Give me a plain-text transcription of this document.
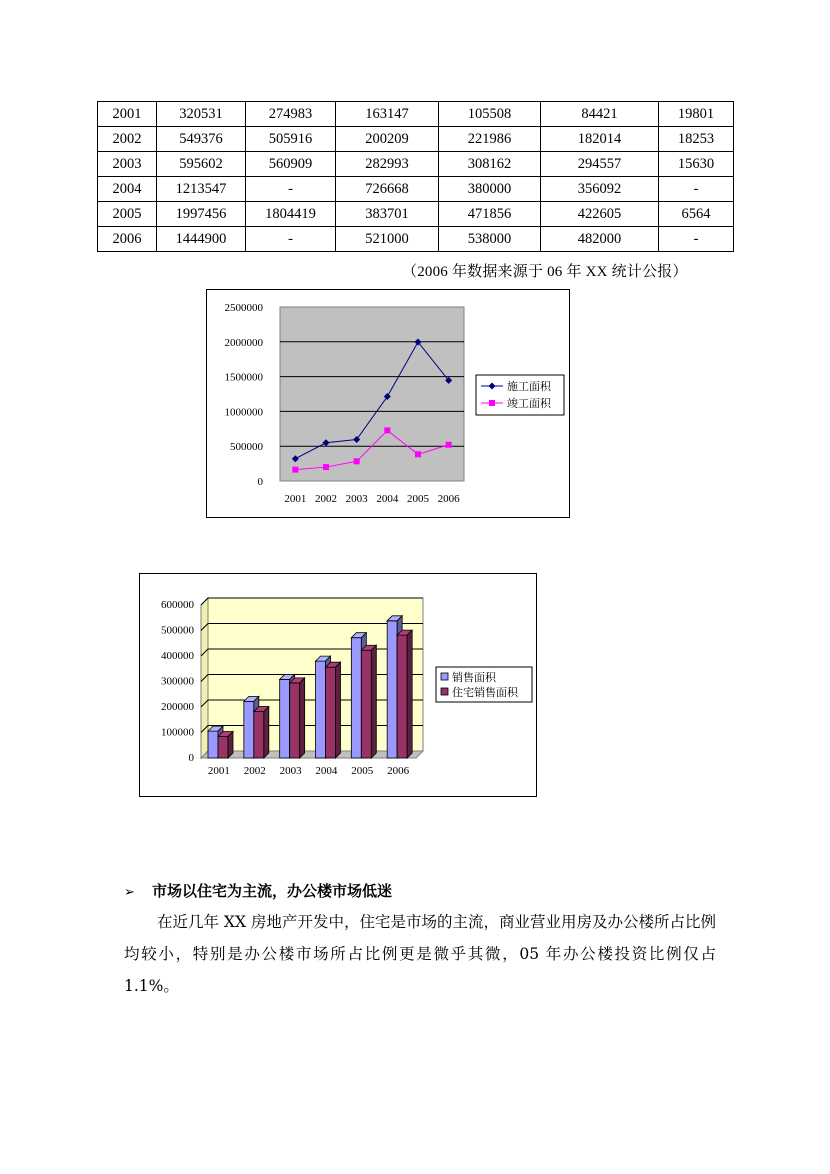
2001	320531	274983	163147	105508	84421	19801
2002	549376	505916	200209	221986	182014	18253
2003	595602	560909	282993	308162	294557	15630
2004	1213547	-	726668	380000	356092	-
2005	1997456	1804419	383701	471856	422605	6564
2006	1444900	-	521000	538000	482000	-
（2006 年数据来源于 06 年 XX 统计公报）
2500000
2000000
1500000
1000000
500000
0
2001 2002 2003 2004 2005 2006
施工面积
竣工面积
600000
500000
400000
300000
200000
100000
0
2001 2002 2003 2004 2005 2006
销售面积
住宅销售面积
➢ 市场以住宅为主流，办公楼市场低迷
在近几年 XX 房地产开发中，住宅是市场的主流，商业营业用房及办公楼所占比例均较小，特别是办公楼市场所占比例更是微乎其微，05 年办公楼投资比例仅占 1.1%。
